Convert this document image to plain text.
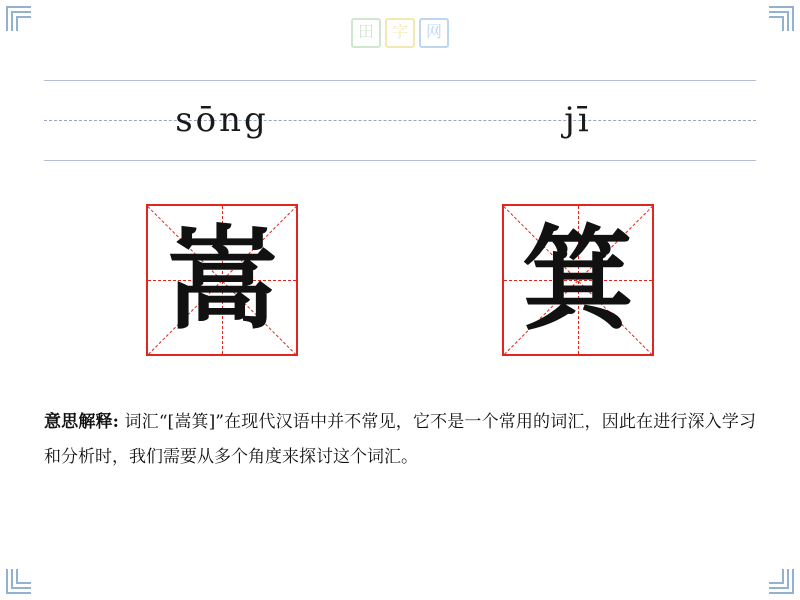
田	字	网
sōng	jī
嵩 箕
意思解释: 词汇“[嵩箕]”在现代汉语中并不常见，它不是一个常用的词汇，因此在进行深入学习和分析时，我们需要从多个角度来探讨这个词汇。
